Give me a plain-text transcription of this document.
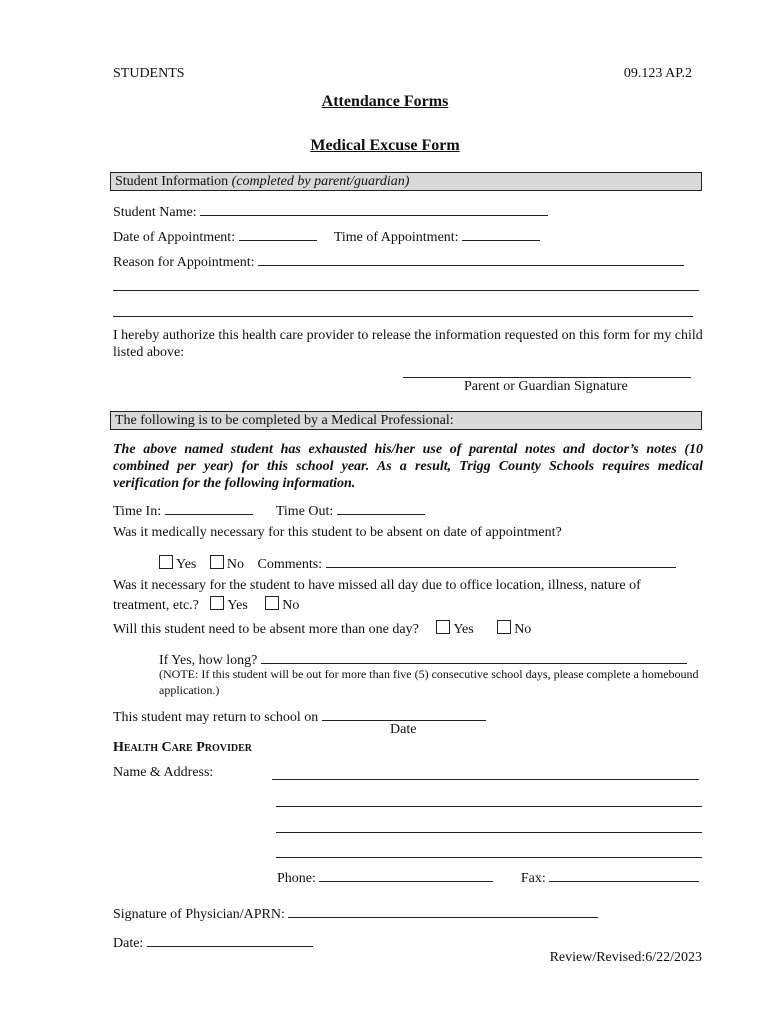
STUDENTS	09.123 AP.2
Attendance Forms
Medical Excuse Form
Student Information (completed by parent/guardian)
Student Name:
Date of Appointment:	Time of Appointment:
Reason for Appointment:
I hereby authorize this health care provider to release the information requested on this form for my child listed above:
Parent or Guardian Signature
The following is to be completed by a Medical Professional:
The above named student has exhausted his/her use of parental notes and doctor’s notes (10 combined per year) for this school year. As a result, Trigg County Schools requires medical verification for the following information.
Time In:	Time Out:
Was it medically necessary for this student to be absent on date of appointment?
Yes No Comments:
Was it necessary for the student to have missed all day due to office location, illness, nature of
treatment, etc.? Yes No
Will this student need to be absent more than one day? Yes	No
If Yes, how long?
(NOTE: If this student will be out for more than five (5) consecutive school days, please complete a homebound application.)
This student may return to school on
Date
Health Care Provider
Name & Address:
Phone:	Fax:
Signature of Physician/APRN:
Date:
Review/Revised:6/22/2023
